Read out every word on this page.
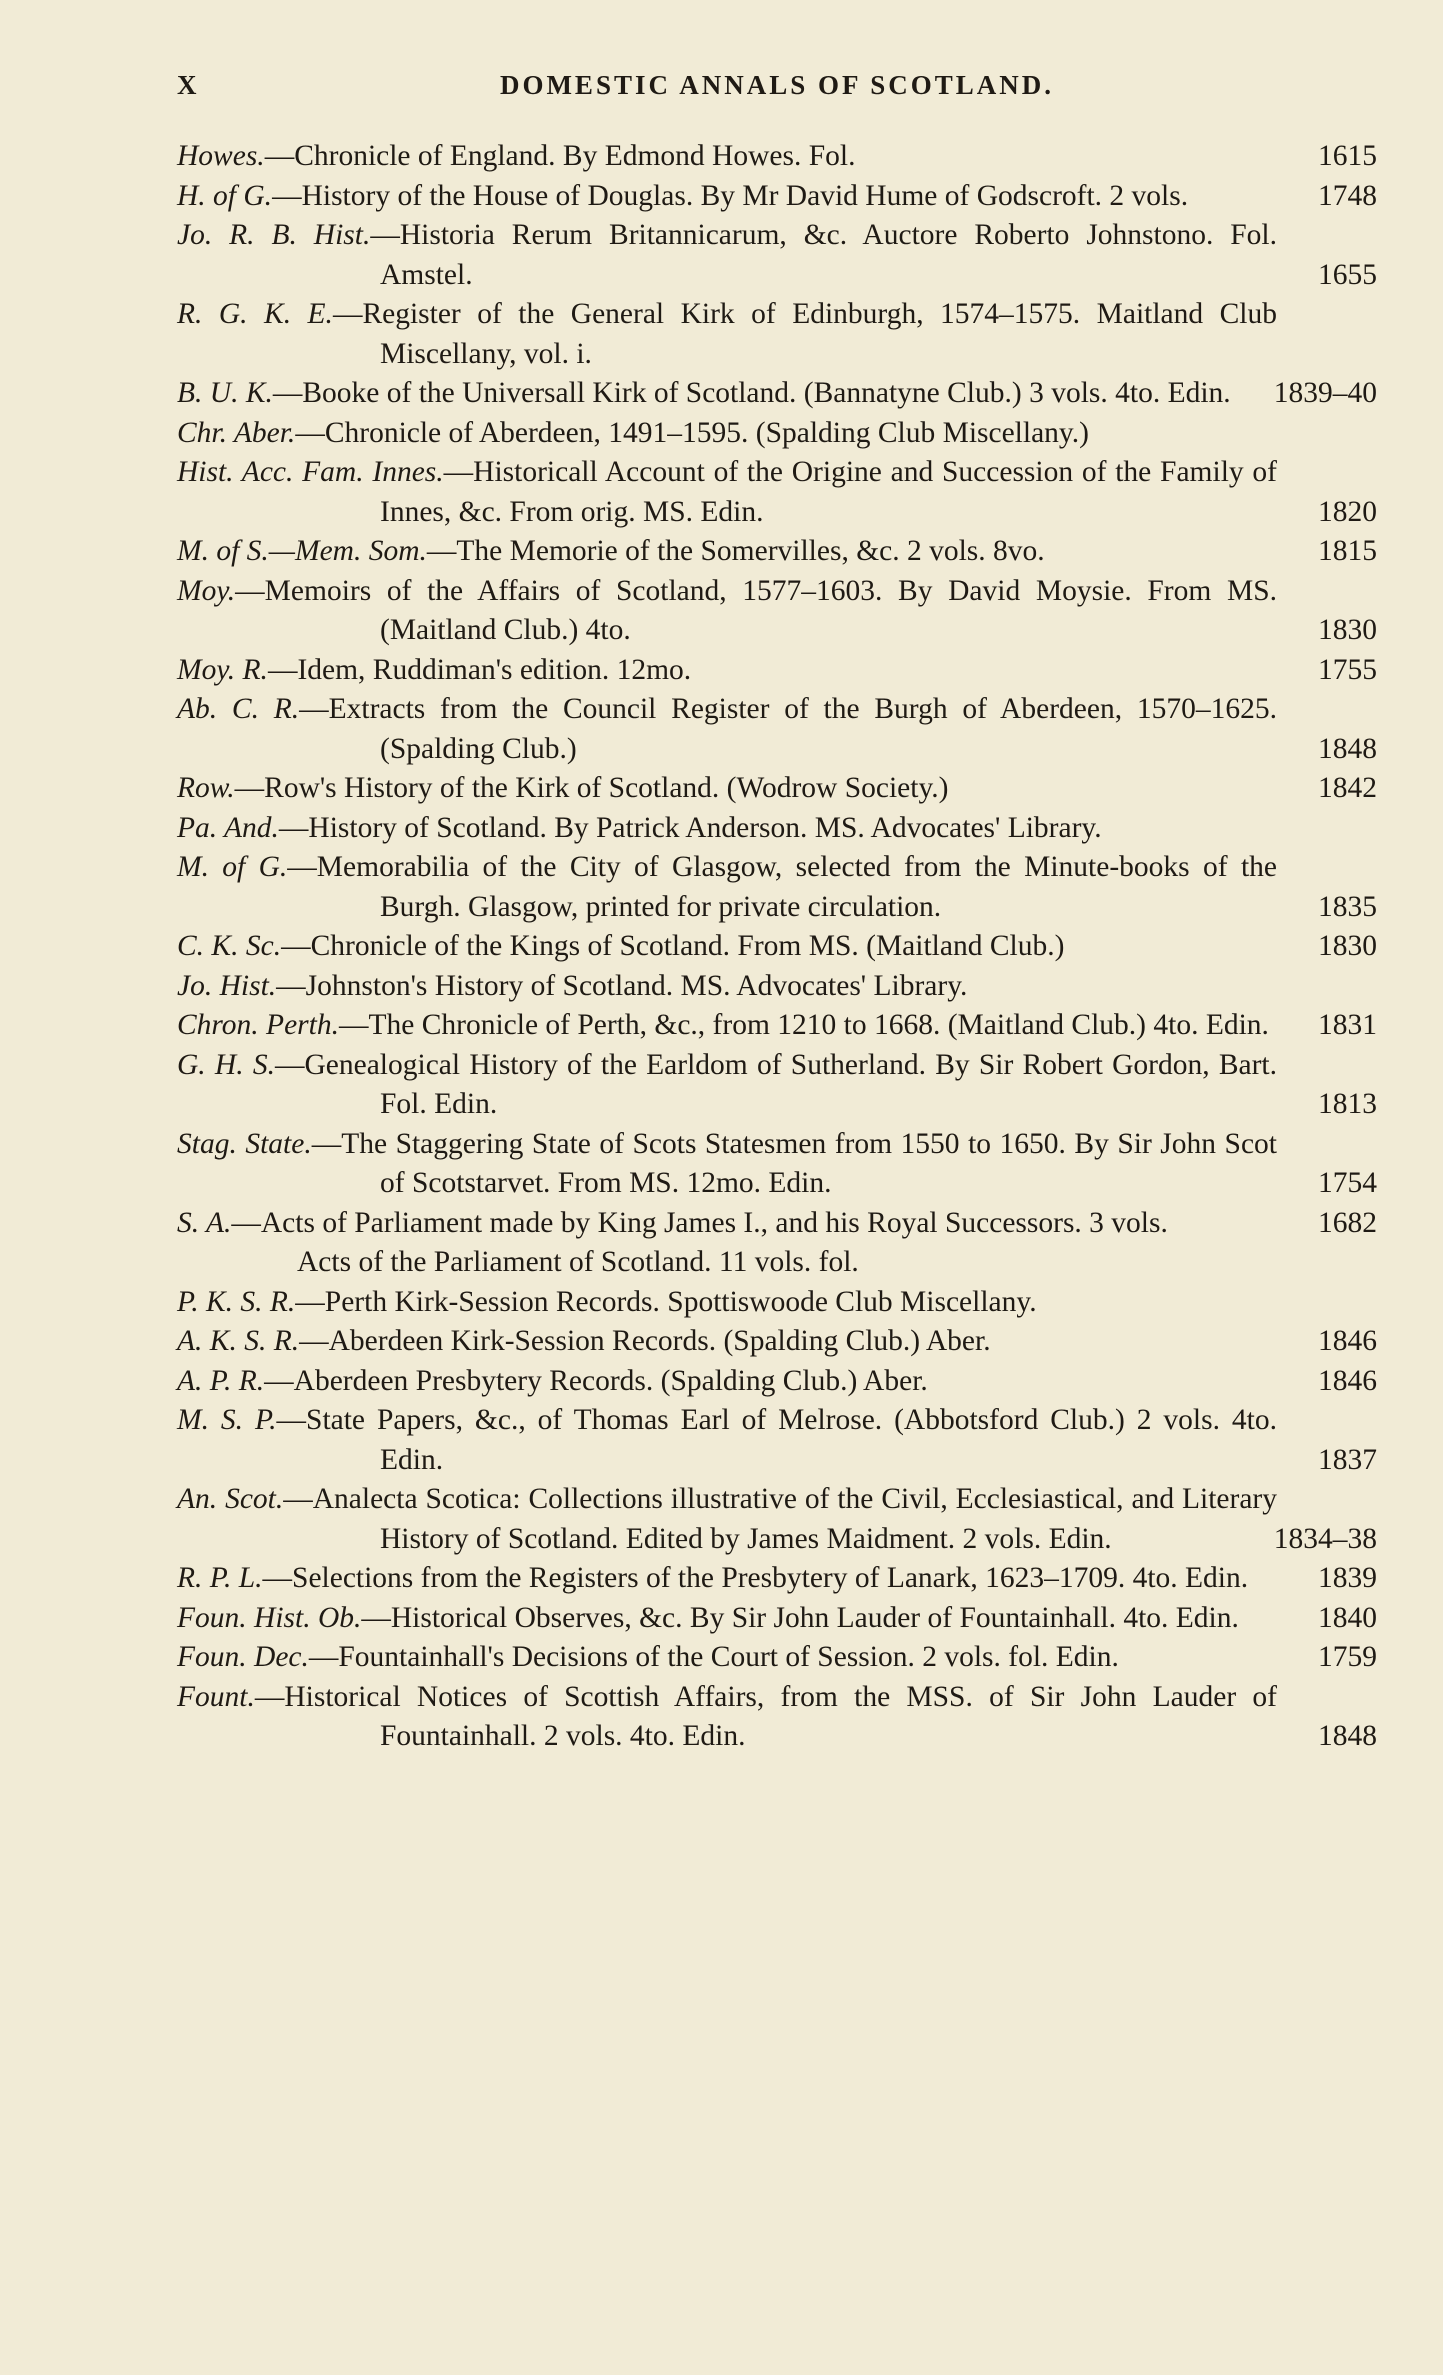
X	DOMESTIC ANNALS OF SCOTLAND.
Howes.—Chronicle of England. By Edmond Howes. Fol.	1615
H. of G.—History of the House of Douglas. By Mr David Hume of Godscroft. 2 vols.	1748
Jo. R. B. Hist.—Historia Rerum Britannicarum, &c. Auctore Roberto Johnstono. Fol. Amstel.	1655
R. G. K. E.—Register of the General Kirk of Edinburgh, 1574–1575. Maitland Club Miscellany, vol. i.
B. U. K.—Booke of the Universall Kirk of Scotland. (Bannatyne Club.) 3 vols. 4to. Edin. 1839–40
Chr. Aber.—Chronicle of Aberdeen, 1491–1595. (Spalding Club Miscellany.)
Hist. Acc. Fam. Innes.—Historicall Account of the Origine and Succession of the Family of Innes, &c. From orig. MS. Edin.	1820
M. of S.—Mem. Som.—The Memorie of the Somervilles, &c. 2 vols. 8vo.	1815
Moy.—Memoirs of the Affairs of Scotland, 1577–1603. By David Moysie. From MS. (Maitland Club.) 4to.	1830
Moy. R.—Idem, Ruddiman's edition. 12mo.	1755
Ab. C. R.—Extracts from the Council Register of the Burgh of Aberdeen, 1570–1625. (Spalding Club.)	1848
Row.—Row's History of the Kirk of Scotland. (Wodrow Society.)	1842
Pa. And.—History of Scotland. By Patrick Anderson. MS. Advocates' Library.
M. of G.—Memorabilia of the City of Glasgow, selected from the Minute-books of the Burgh. Glasgow, printed for private circulation.	1835
C. K. Sc.—Chronicle of the Kings of Scotland. From MS. (Maitland Club.)	1830
Jo. Hist.—Johnston's History of Scotland. MS. Advocates' Library.
Chron. Perth.—The Chronicle of Perth, &c., from 1210 to 1668. (Maitland Club.) 4to. Edin. 1831
G. H. S.—Genealogical History of the Earldom of Sutherland. By Sir Robert Gordon, Bart. Fol. Edin.	1813
Stag. State.—The Staggering State of Scots Statesmen from 1550 to 1650. By Sir John Scot of Scotstarvet. From MS. 12mo. Edin.	1754
S. A.—Acts of Parliament made by King James I., and his Royal Successors. 3 vols.	1682
Acts of the Parliament of Scotland. 11 vols. fol.
P. K. S. R.—Perth Kirk-Session Records. Spottiswoode Club Miscellany.
A. K. S. R.—Aberdeen Kirk-Session Records. (Spalding Club.) Aber.	1846
A. P. R.—Aberdeen Presbytery Records. (Spalding Club.) Aber.	1846
M. S. P.—State Papers, &c., of Thomas Earl of Melrose. (Abbotsford Club.) 2 vols. 4to. Edin.	1837
An. Scot.—Analecta Scotica: Collections illustrative of the Civil, Ecclesiastical, and Literary History of Scotland. Edited by James Maidment. 2 vols. Edin.	1834–38
R. P. L.—Selections from the Registers of the Presbytery of Lanark, 1623–1709. 4to. Edin. 1839
Foun. Hist. Ob.—Historical Observes, &c. By Sir John Lauder of Fountainhall. 4to. Edin.	1840
Foun. Dec.—Fountainhall's Decisions of the Court of Session. 2 vols. fol. Edin.	1759
Fount.—Historical Notices of Scottish Affairs, from the MSS. of Sir John Lauder of Fountainhall. 2 vols. 4to. Edin.	1848
